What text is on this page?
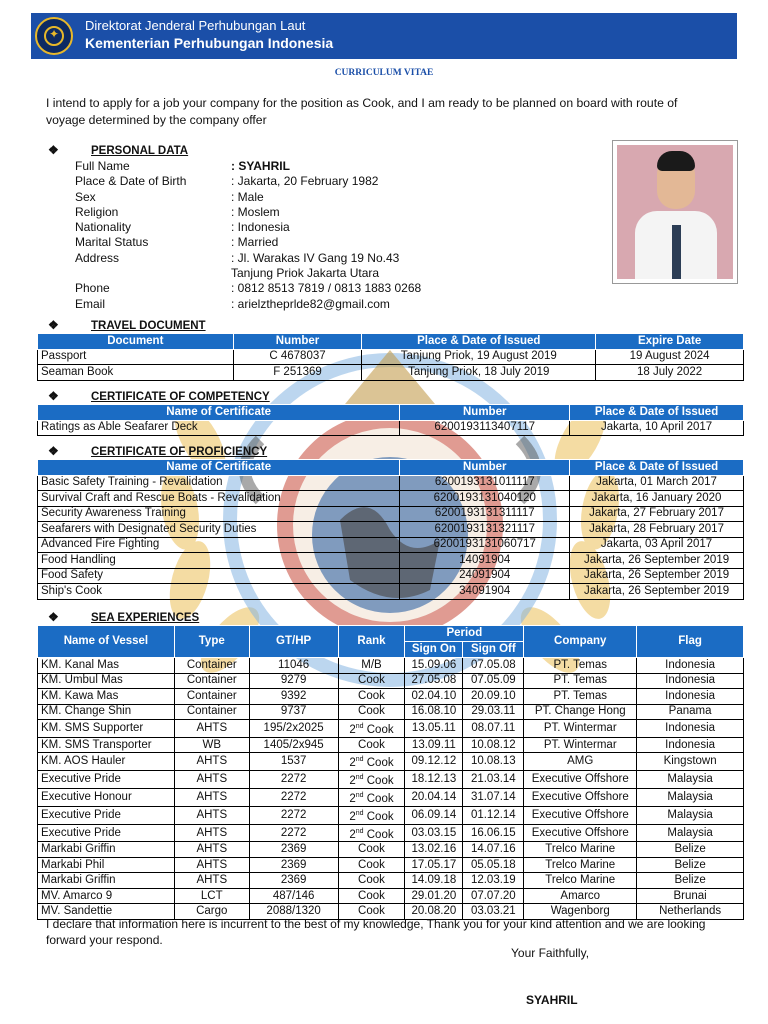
✦
Direktorat Jenderal Perhubungan Laut
Kementerian Perhubungan Indonesia
CURRICULUM VITAE
I intend to apply for a job your company for the position as Cook, and I am ready to be planned on board with route of voyage determined by the company offer
❖	PERSONAL DATA
Full Name	: SYAHRIL
Place & Date of Birth	: Jakarta, 20 February 1982
Sex	: Male
Religion	: Moslem
Nationality	: Indonesia
Marital Status	: Married
Address	: Jl. Warakas IV Gang 19 No.43
Tanjung Priok Jakarta Utara
Phone	: 0812 8513 7819 / 0813 1883 0268
Email	: arielztheprlde82@gmail.com
❖	TRAVEL DOCUMENT
Document	Number	Place & Date of Issued	Expire Date
Passport	C 4678037	Tanjung Priok, 19 August 2019	19 August 2024
Seaman Book	F 251369	Tanjung Priok, 18 July 2019	18 July 2022
❖	CERTIFICATE OF COMPETENCY
Name of Certificate	Number	Place & Date of Issued
Ratings as Able Seafarer Deck	6200193113407117	Jakarta, 10 April 2017
❖	CERTIFICATE OF PROFICIENCY
Name of Certificate	Number	Place & Date of Issued
Basic Safety Training - Revalidation	6200193131011117	Jakarta, 01 March 2017
Survival Craft and Rescue Boats - Revalidation	6200193131040120	Jakarta, 16 January 2020
Security Awareness Training	6200193131311117	Jakarta, 27 February 2017
Seafarers with Designated Security Duties	6200193131321117	Jakarta, 28 February 2017
Advanced Fire Fighting	6200193131060717	Jakarta, 03 April 2017
Food Handling	14091904	Jakarta, 26 September 2019
Food Safety	24091904	Jakarta, 26 September 2019
Ship's Cook	34091904	Jakarta, 26 September 2019
❖	SEA EXPERIENCES
Name of Vessel	Type	GT/HP	Rank	Period		Company	Flag
				Sign On	Sign Off		
KM. Kanal Mas	Container	11046	M/B	15.09.06	07.05.08	PT. Temas	Indonesia
KM. Umbul Mas	Container	9279	Cook	27.05.08	07.05.09	PT. Temas	Indonesia
KM. Kawa Mas	Container	9392	Cook	02.04.10	20.09.10	PT. Temas	Indonesia
KM. Change Shin	Container	9737	Cook	16.08.10	29.03.11	PT. Change Hong	Panama
KM. SMS Supporter	AHTS	195/2x2025	2nd Cook	13.05.11	08.07.11	PT. Wintermar	Indonesia
KM. SMS Transporter	WB	1405/2x945	Cook	13.09.11	10.08.12	PT. Wintermar	Indonesia
KM. AOS Hauler	AHTS	1537	2nd Cook	09.12.12	10.08.13	AMG	Kingstown
Executive Pride	AHTS	2272	2nd Cook	18.12.13	21.03.14	Executive Offshore	Malaysia
Executive Honour	AHTS	2272	2nd Cook	20.04.14	31.07.14	Executive Offshore	Malaysia
Executive Pride	AHTS	2272	2nd Cook	06.09.14	01.12.14	Executive Offshore	Malaysia
Executive Pride	AHTS	2272	2nd Cook	03.03.15	16.06.15	Executive Offshore	Malaysia
Markabi Griffin	AHTS	2369	Cook	13.02.16	14.07.16	Trelco Marine	Belize
Markabi Phil	AHTS	2369	Cook	17.05.17	05.05.18	Trelco Marine	Belize
Markabi Griffin	AHTS	2369	Cook	14.09.18	12.03.19	Trelco Marine	Belize
MV. Amarco 9	LCT	487/146	Cook	29.01.20	07.07.20	Amarco	Brunai
MV. Sandettie	Cargo	2088/1320	Cook	20.08.20	03.03.21	Wagenborg	Netherlands
I declare that information here is incurrent to the best of my knowledge, Thank you for your kind attention and we are looking forward your respond.
Your Faithfully,
SYAHRIL
